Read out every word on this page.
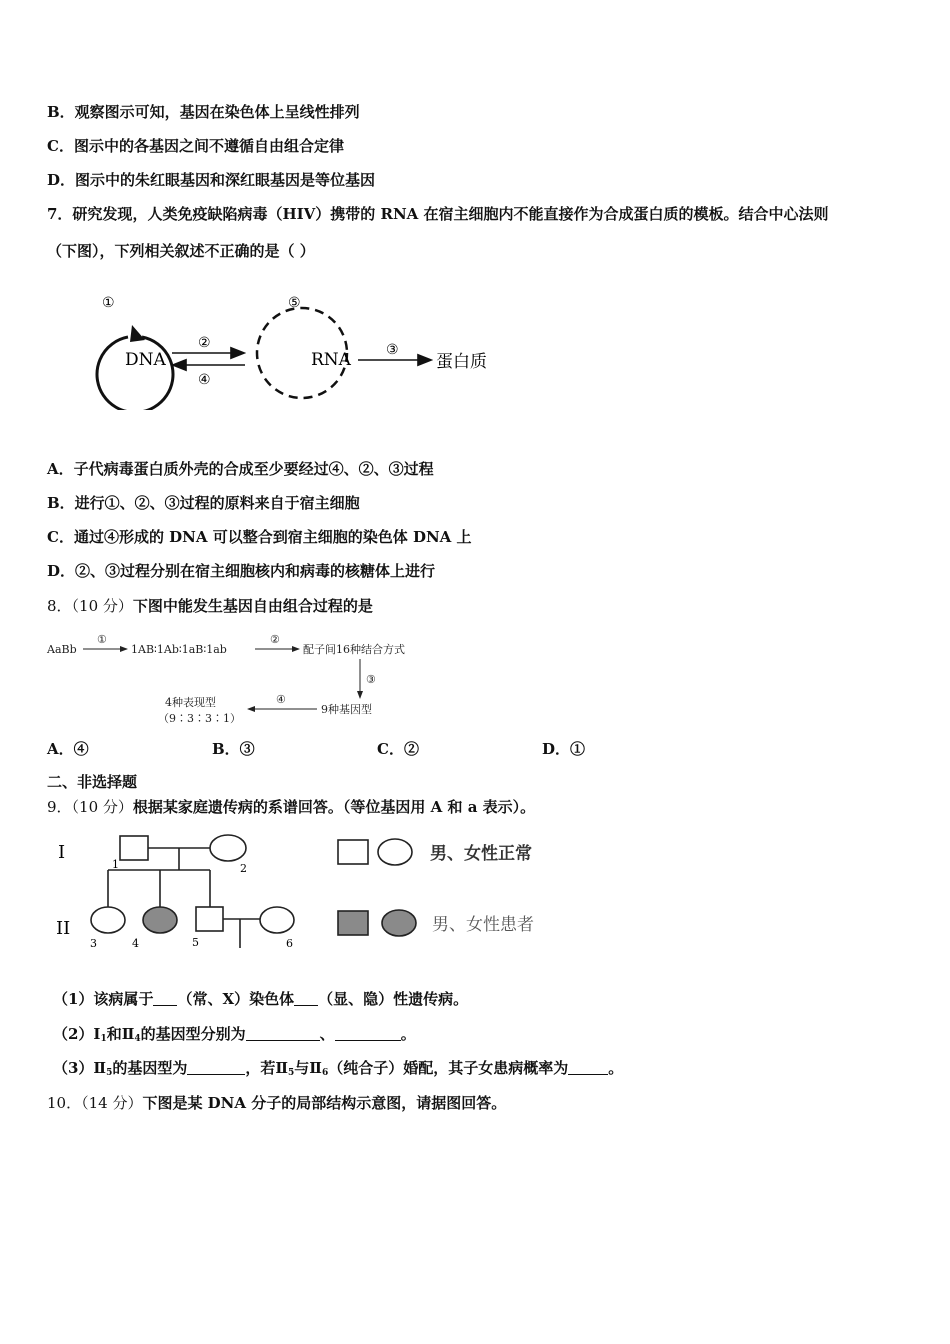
B．观察图示可知，基因在染色体上呈线性排列
C．图示中的各基因之间不遵循自由组合定律
D．图示中的朱红眼基因和深红眼基因是等位基因
7．研究发现，人类免疫缺陷病毒（HIV）携带的 RNA 在宿主细胞内不能直接作为合成蛋白质的模板。结合中心法则
（下图），下列相关叙述不正确的是（ ）
①
DNA
②
④
⑤
RNA	③
蛋白质
A．子代病毒蛋白质外壳的合成至少要经过④、②、③过程
B．进行①、②、③过程的原料来自于宿主细胞
C．通过④形成的 DNA 可以整合到宿主细胞的染色体 DNA 上
D．②、③过程分别在宿主细胞核内和病毒的核糖体上进行
8．（10 分）下图中能发生基因自由组合过程的是
AaBb
①
1AB∶1Ab∶1aB∶1ab
②
配子间16种结合方式
③
9种基因型
④
4种表现型
（9∶3∶3∶1）
A．④	B．③	C．②	D．①
二、非选择题
9．（10 分）根据某家庭遗传病的系谱回答。（等位基因用 A 和 a 表示）。
I
II
1	2
3	4	5	6
男、女性正常
男、女性患者
（1）该病属于 （常、X）染色体 （显、隐）性遗传病。
$(2)Ⅰ_1$和$Ⅱ_4$的基因型分别为	、	。
$(3)Ⅱ_5$的基因型为	，若$Ⅱ_5$与$Ⅱ_6$（纯合子）婚配，其子女患病概率为	。
10．（14 分）下图是某 DNA 分子的局部结构示意图，请据图回答。
